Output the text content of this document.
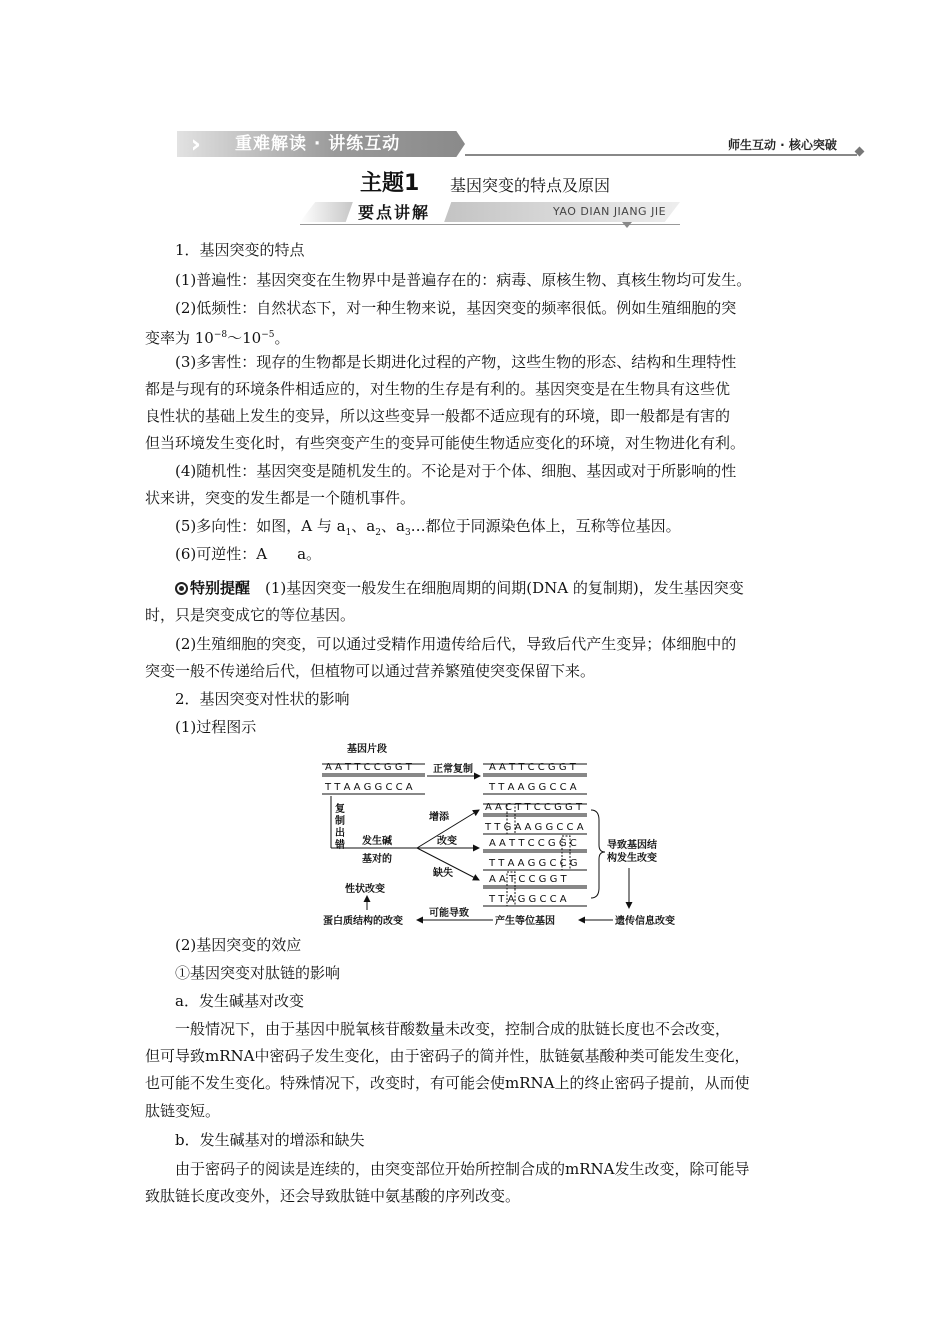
重难解读 · 讲练互动	师生互动 · 核心突破
主题1 基因突变的特点及原因
要点讲解	YAO DIAN JIANG JIE
1．基因突变的特点
(1)普遍性：基因突变在生物界中是普遍存在的：病毒、原核生物、真核生物均可发生。
(2)低频性：自然状态下，对一种生物来说，基因突变的频率很低。例如生殖细胞的突
变率为 $10^{-8}\sim 10^{-5}$。
(3)多害性：现存的生物都是长期进化过程的产物，这些生物的形态、结构和生理特性
都是与现有的环境条件相适应的，对生物的生存是有利的。基因突变是在生物具有这些优
良性状的基础上发生的变异，所以这些变异一般都不适应现有的环境，即一般都是有害的
但当环境发生变化时，有些突变产生的变异可能使生物适应变化的环境，对生物进化有利。
(4)随机性：基因突变是随机发生的。不论是对于个体、细胞、基因或对于所影响的性
状来讲，突变的发生都是一个随机事件。
(5)多向性：如图，A 与 $a_1$、$a_2$、$a_3\dots$都位于同源染色体上，互称等位基因。
(6)可逆性：A　　a。
特别提醒　 (1)基因突变一般发生在细胞周期的间期(DNA 的复制期)，发生基因突变
时，只是突变成它的等位基因。
(2)生殖细胞的突变，可以通过受精作用遗传给后代，导致后代产生变异；体细胞中的
突变一般不传递给后代，但植物可以通过营养繁殖使突变保留下来。
2．基因突变对性状的影响
(1)过程图示
基因片段
A A T T C C G G T
T T A A G G C C A
正常复制 A A T T C C G G T
T T A A G G C C A
复
制
出
错 发生碱
基对的
增添
改变
缺失
A A C T T C C G G T
T T G A A G G C C A
A A T T C C G G C
T T A A G G C C G
A A T C C G G T
T T A G G C C A
导致基因结
构发生改变
遗传信息改变
产生等位基因
可能导致
蛋白质结构的改变
性状改变
(2)基因突变的效应
①基因突变对肽链的影响
a．发生碱基对改变
一般情况下，由于基因中脱氧核苷酸数量未改变，控制合成的肽链长度也不会改变，
但可导致mRNA中密码子发生变化，由于密码子的简并性，肽链氨基酸种类可能发生变化，
也可能不发生变化。特殊情况下，改变时，有可能会使mRNA上的终止密码子提前，从而使
肽链变短。
b．发生碱基对的增添和缺失
由于密码子的阅读是连续的，由突变部位开始所控制合成的mRNA发生改变，除可能导
致肽链长度改变外，还会导致肽链中氨基酸的序列改变。
